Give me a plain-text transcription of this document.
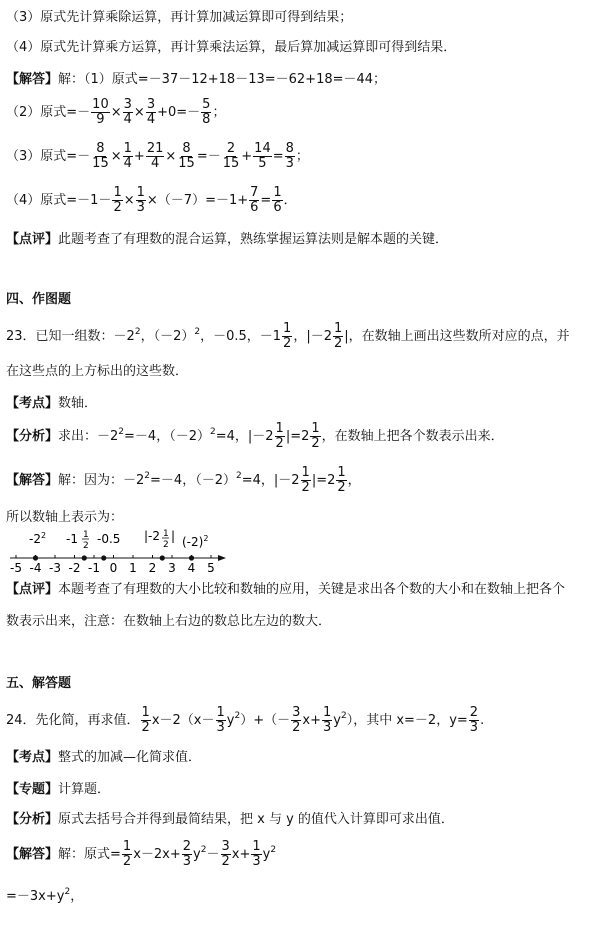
（3）原式先计算乘除运算，再计算加减运算即可得到结果；
（4）原式先计算乘方运算，再计算乘法运算，最后算加减运算即可得到结果．
【解答】解：（1）原式=－37－12+18－13=－62+18=－44；
（2）原式=－ $\frac{10}{9} \times \frac{3}{4} \times \frac{3}{4} +0=- \frac{5}{8}$ ；
（3）原式=－ $\frac{8}{15} \times \frac{1}{4} + \frac{21}{4} \times \frac{8}{15} =- \frac{2}{15} + \frac{14}{5} = \frac{8}{3}$ ；
（4）原式$=-1- \frac{1}{2} \times \frac{1}{3} \times(-7)=-1+ \frac{7}{6} = \frac{1}{6}$ ．
【点评】此题考查了有理数的混合运算，熟练掌握运算法则是解本题的关键．
四、作图题
23．已知一组数：$-2^2$，$(-2)^2$，－0.5，$-1 \frac{1}{2}$ ，$|-2 \frac{1}{2}$ |，在数轴上画出这些数所对应的点，并
在这些点的上方标出的这些数．
【考点】数轴．
【分析】求出：$-2^2=-4$，$(-2)^2=4$，$|-2 \frac{1}{2} |=2 \frac{1}{2}$ ，在数轴上把各个数表示出来．
【解答】解：因为：$-2^2=-4$，$(-2)^2=4$，$|-2 \frac{1}{2} |=2 \frac{1}{2}$ ，
所以数轴上表示为：
$-2^2$ -1 1
2 -0.5 |-2 1
2
| $(-2)^2$
-5 -4 -3 -2 -1 0 1 2 3 4 5
【点评】本题考查了有理数的大小比较和数轴的应用，关键是求出各个数的大小和在数轴上把各个
数表示出来，注意：在数轴上右边的数总比左边的数大．
五、解答题
24．先化简，再求值． $\frac{1}{2} x-2(x- \frac{1}{3} y^2)+(- \frac{3}{2} x+ \frac{1}{3} y^2)$，其中 x=－2，$y= \frac{2}{3}$ .
【考点】整式的加减—化简求值．
【专题】计算题．
【分析】原式去括号合并得到最简结果，把 x 与 y 的值代入计算即可求出值．
【解答】解：原式= $\frac{1}{2} x-2x+ \frac{2}{3} y^2- \frac{3}{2} x+ \frac{1}{3} y^2$
$=-3x+y^2$，
